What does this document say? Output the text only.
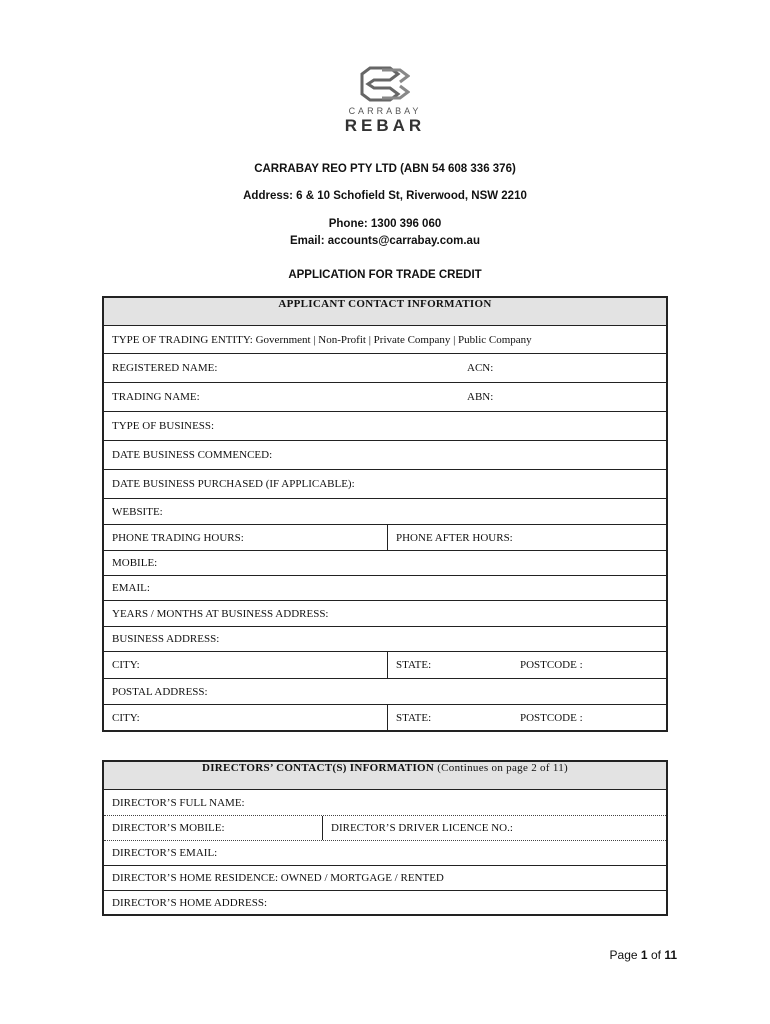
CARRABAY
REBAR
CARRABAY REO PTY LTD (ABN 54 608 336 376)
Address: 6 & 10 Schofield St, Riverwood, NSW 2210
Phone: 1300 396 060
Email: accounts@carrabay.com.au
APPLICATION FOR TRADE CREDIT
APPLICANT CONTACT INFORMATION
TYPE OF TRADING ENTITY: Government | Non-Profit | Private Company | Public Company
REGISTERED NAME:	ACN:
TRADING NAME:	ABN:
TYPE OF BUSINESS:
DATE BUSINESS COMMENCED:
DATE BUSINESS PURCHASED (IF APPLICABLE):
WEBSITE:
PHONE TRADING HOURS:	PHONE AFTER HOURS:
MOBILE:
EMAIL:
YEARS / MONTHS AT BUSINESS ADDRESS:
BUSINESS ADDRESS:
CITY:	STATE:	POSTCODE :
POSTAL ADDRESS:
CITY:	STATE:	POSTCODE :
DIRECTORS’ CONTACT(S) INFORMATION
(Continues on page 2 of 11)
DIRECTOR’S FULL NAME:
DIRECTOR’S MOBILE:	DIRECTOR’S DRIVER LICENCE NO.:
DIRECTOR’S EMAIL:
DIRECTOR’S HOME RESIDENCE: OWNED / MORTGAGE / RENTED
DIRECTOR’S HOME ADDRESS:
Page 1 of 11
